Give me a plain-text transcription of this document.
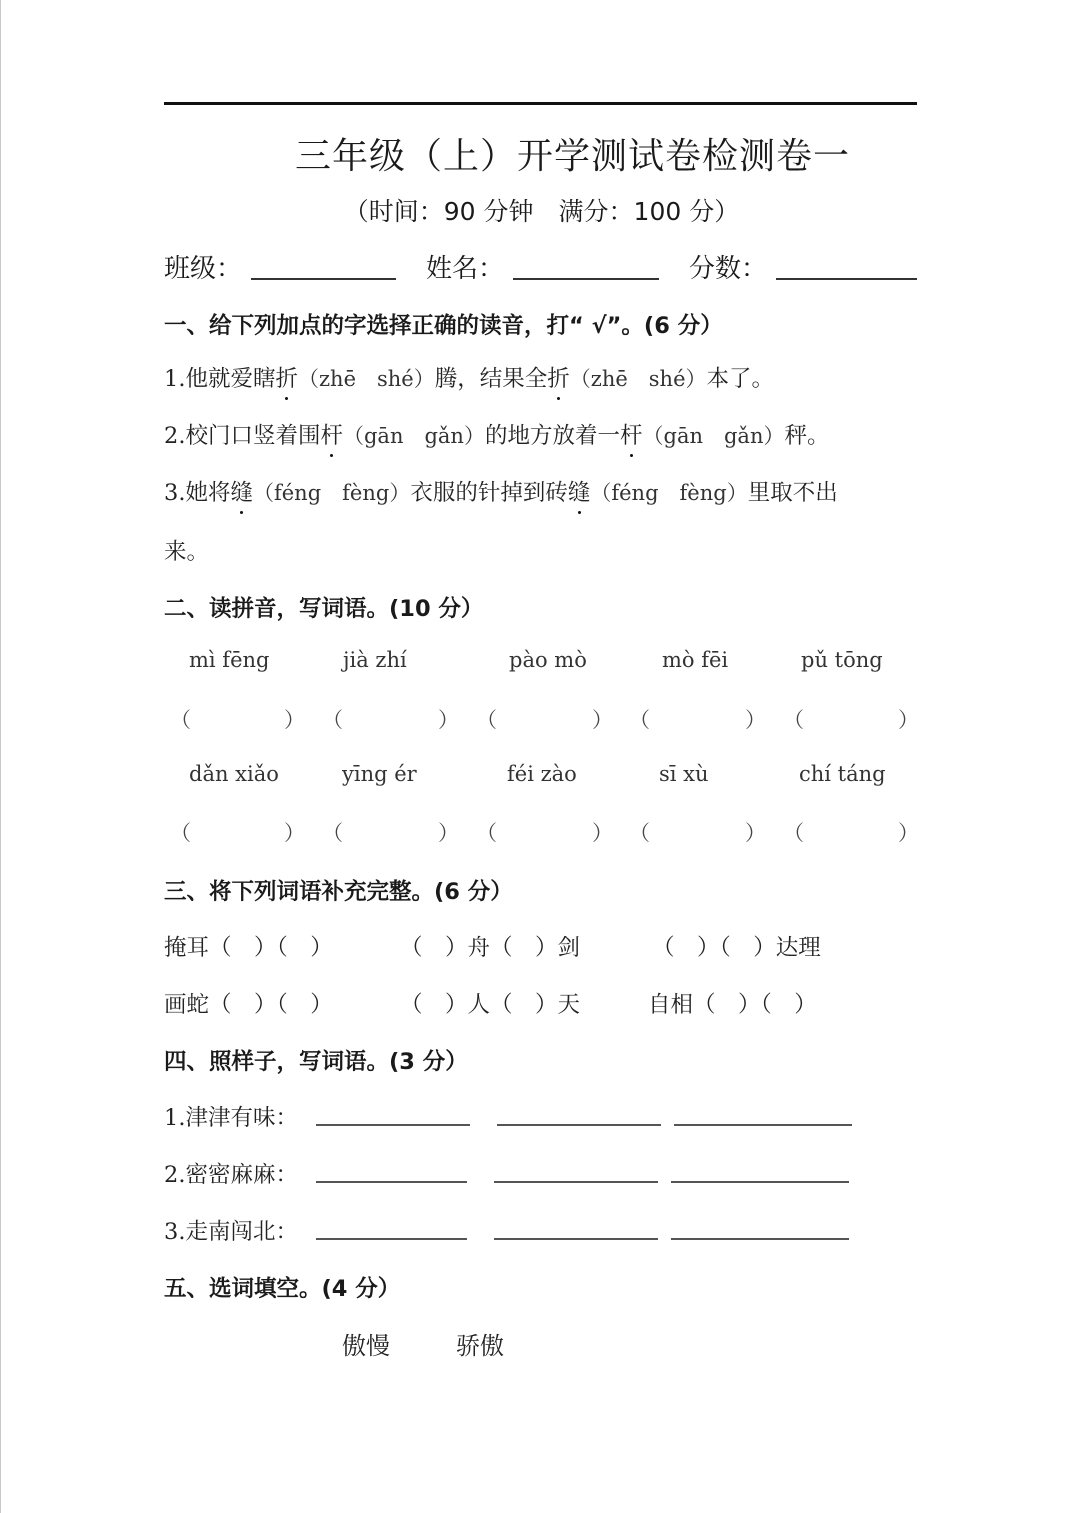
三年级（上）开学测试卷检测卷一
（时间：90 分钟　满分：100 分）
班级：	姓名：	分数：
一、给下列加点的字选择正确的读音，打“ √”。(6 分）
1.他就爱瞎折（zhē　shé）腾，结果全折（zhē　shé）本了。
2.校门口竖着围杆（gān　gǎn）的地方放着一杆（gān　gǎn）秤。
3.她将缝（féng　fèng）衣服的针掉到砖缝（féng　fèng）里取不出
来。
二、读拼音，写词语。(10 分）
mì fēng	jià zhí	pào mò	mò fēi	pǔ tōng
（	） （	） （	） （	） （	）
dǎn xiǎo	yīng ér	féi zào	sī xù	chí táng
（	） （	） （	） （	） （	）
三、将下列词语补充完整。(6 分）
掩耳（　）（　）	（　）舟（　）剑	（　）（　）达理
画蛇（　）（　）	（　）人（　）天	自相（　）（　）
四、照样子，写词语。(3 分）
1.津津有味：
2.密密麻麻：
3.走南闯北：
五、选词填空。(4 分）
傲慢	骄傲
